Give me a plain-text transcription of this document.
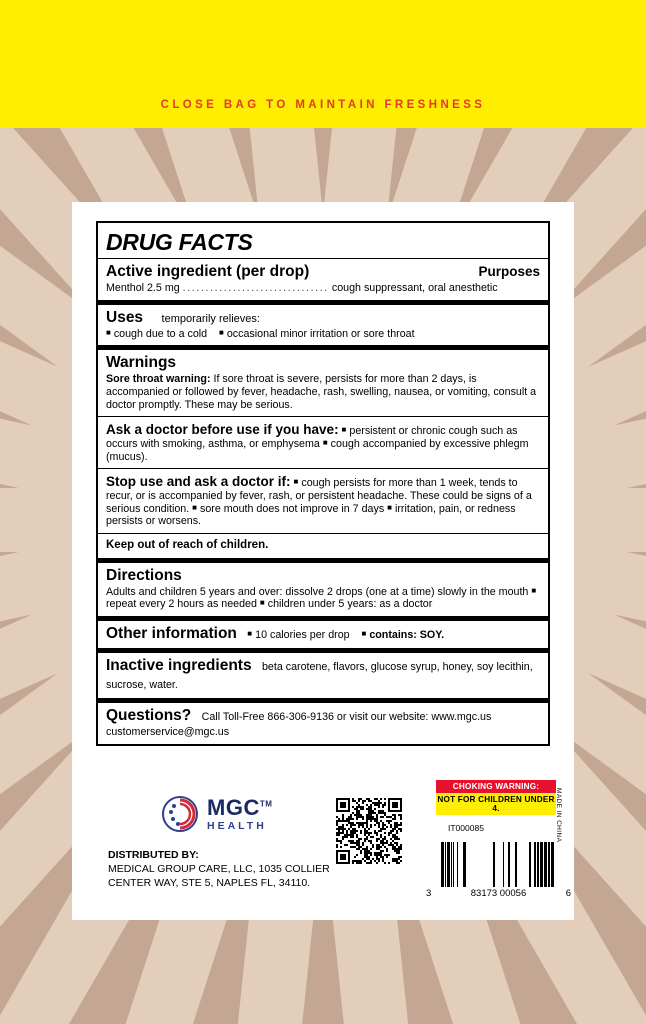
CLOSE BAG TO MAINTAIN FRESHNESS
DRUG FACTS
Active ingredient (per drop)	Purposes
Menthol 2.5 mg ................................ cough suppressant, oral anesthetic
Uses temporarily relieves:
■ cough due to a cold ■ occasional minor irritation or sore throat
Warnings
Sore throat warning: If sore throat is severe, persists for more than 2 days, is accompanied or followed by fever, headache, rash, swelling, nausea, or vomiting, consult a doctor promptly. These may be serious.
Ask a doctor before use if you have: ■ persistent or chronic cough such as occurs with smoking, asthma, or emphysema ■ cough accompanied by excessive phlegm (mucus).
Stop use and ask a doctor if: ■ cough persists for more than 1 week, tends to recur, or is accompanied by fever, rash, or persistent headache. These could be signs of a serious condition. ■ sore mouth does not improve in 7 days ■ irritation, pain, or redness persists or worsens.
Keep out of reach of children.
Directions
Adults and children 5 years and over: dissolve 2 drops (one at a time) slowly in the mouth ■ repeat every 2 hours as needed ■ children under 5 years: as a doctor
Other information ■ 10 calories per drop ■ contains: SOY.
Inactive ingredients beta carotene, flavors, glucose syrup, honey, soy lecithin, sucrose, water.
Questions? Call Toll-Free 866-306-9136 or visit our website: www.mgc.us
customerservice@mgc.us
MGC™
HEALTH
DISTRIBUTED BY:
MEDICAL GROUP CARE, LLC, 1035 COLLIER
CENTER WAY, STE 5, NAPLES FL, 34110.
CHOKING WARNING:
NOT FOR CHILDREN UNDER 4.
IT000085	MADE IN CHINA
3	83173 00056	6
